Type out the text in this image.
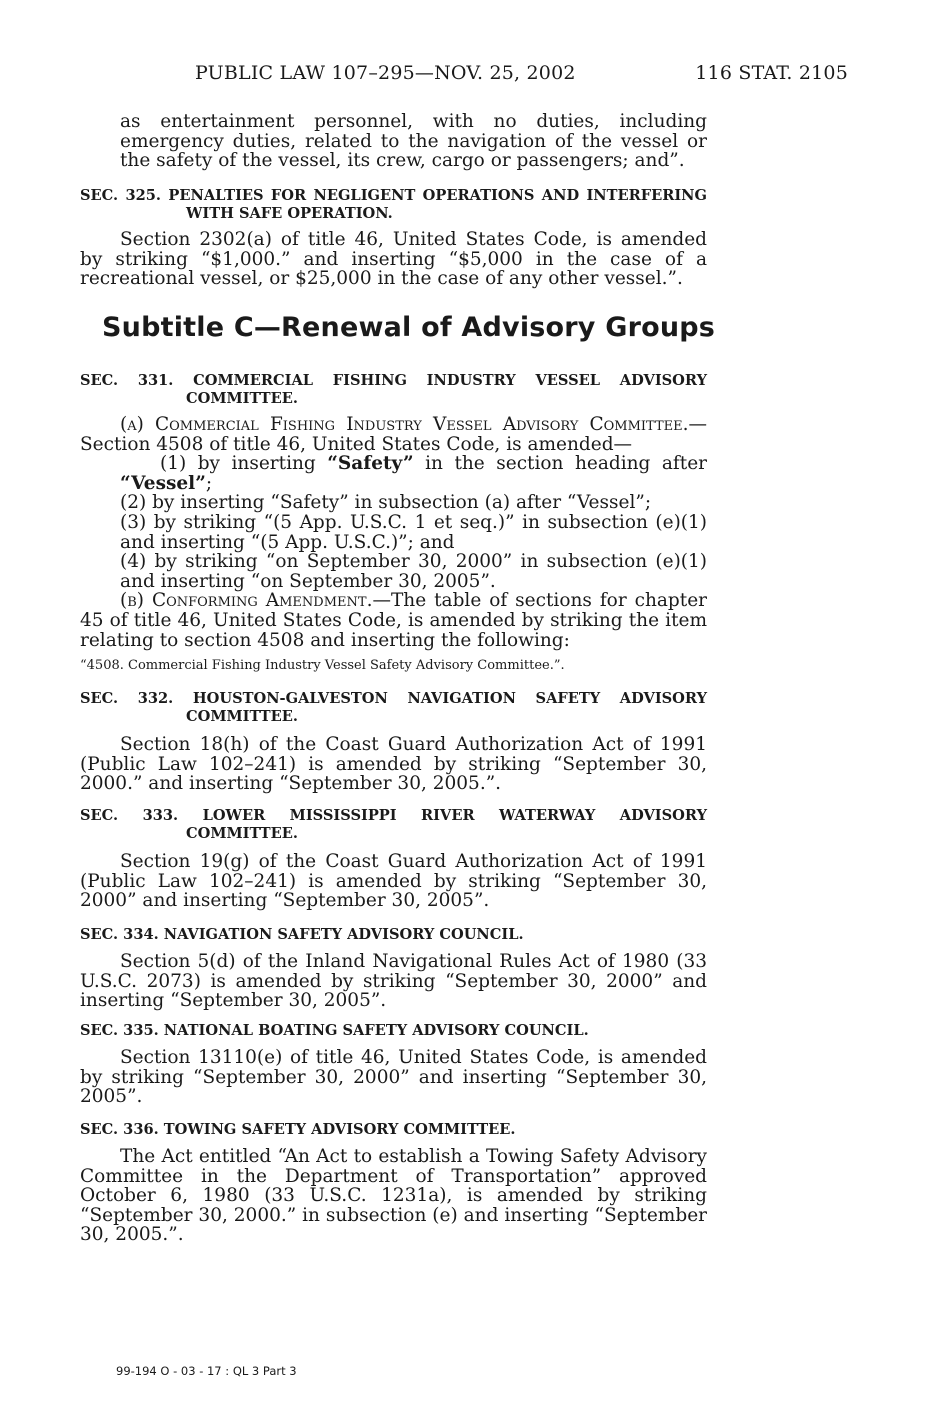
PUBLIC LAW 107–295—NOV. 25, 2002	116 STAT. 2105

as entertainment personnel, with no duties, including emergency duties, related to the navigation of the vessel or the safety of the vessel, its crew, cargo or passengers; and”.

SEC. 325. PENALTIES FOR NEGLIGENT OPERATIONS AND INTERFERING WITH SAFE OPERATION.

Section 2302(a) of title 46, United States Code, is amended by striking “$1,000.” and inserting “$5,000 in the case of a recreational vessel, or $25,000 in the case of any other vessel.”.

Subtitle C—Renewal of Advisory Groups

SEC. 331. COMMERCIAL FISHING INDUSTRY VESSEL ADVISORY COMMITTEE.

(a) Commercial Fishing Industry Vessel Advisory Committee.—Section 4508 of title 46, United States Code, is amended—

(1) by inserting “Safety” in the section heading after “Vessel”;

(2) by inserting “Safety” in subsection (a) after “Vessel”;

(3) by striking “(5 App. U.S.C. 1 et seq.)” in subsection (e)(1) and inserting “(5 App. U.S.C.)”; and

(4) by striking “on September 30, 2000” in subsection (e)(1) and inserting “on September 30, 2005”.

(b) Conforming Amendment.—The table of sections for chapter 45 of title 46, United States Code, is amended by striking the item relating to section 4508 and inserting the following:

“4508. Commercial Fishing Industry Vessel Safety Advisory Committee.”.

SEC. 332. HOUSTON-GALVESTON NAVIGATION SAFETY ADVISORY COMMITTEE.

Section 18(h) of the Coast Guard Authorization Act of 1991 (Public Law 102–241) is amended by striking “September 30, 2000.” and inserting “September 30, 2005.”.

SEC. 333. LOWER MISSISSIPPI RIVER WATERWAY ADVISORY COMMITTEE.

Section 19(g) of the Coast Guard Authorization Act of 1991 (Public Law 102–241) is amended by striking “September 30, 2000” and inserting “September 30, 2005”.

SEC. 334. NAVIGATION SAFETY ADVISORY COUNCIL.

Section 5(d) of the Inland Navigational Rules Act of 1980 (33 U.S.C. 2073) is amended by striking “September 30, 2000” and inserting “September 30, 2005”.

SEC. 335. NATIONAL BOATING SAFETY ADVISORY COUNCIL.

Section 13110(e) of title 46, United States Code, is amended by striking “September 30, 2000” and inserting “September 30, 2005”.

SEC. 336. TOWING SAFETY ADVISORY COMMITTEE.

The Act entitled “An Act to establish a Towing Safety Advisory Committee in the Department of Transportation” approved October 6, 1980 (33 U.S.C. 1231a), is amended by striking “September 30, 2000.” in subsection (e) and inserting “September 30, 2005.”.

99-194 O - 03 - 17 : QL 3 Part 3
